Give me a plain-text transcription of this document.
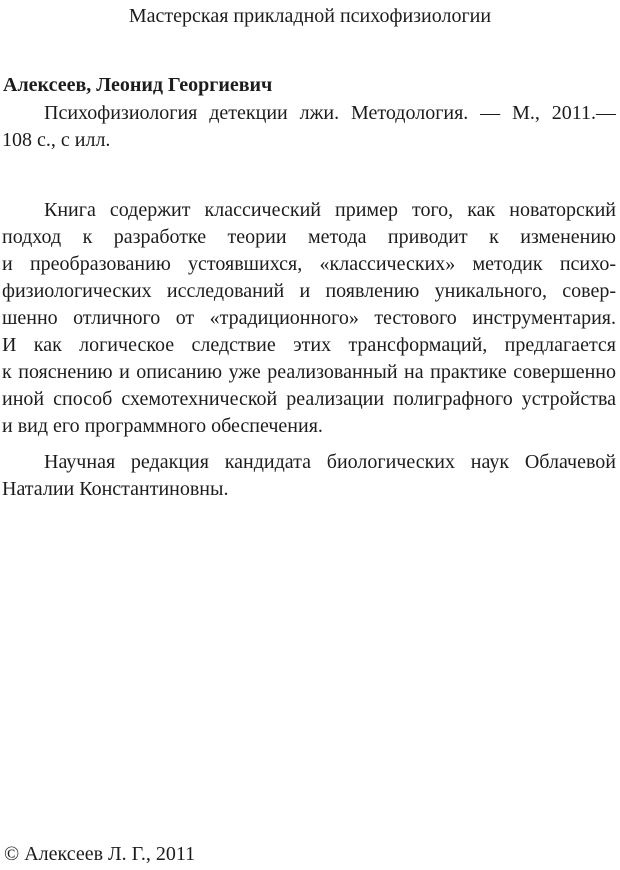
Мастерская прикладной психофизиологии
Алексеев, Леонид Георгиевич
Психофизиология детекции лжи. Методология. — М., 2011.—
108 с., с илл.
Книга содержит классический пример того, как новаторский
подход к разработке теории метода приводит к изменению
и преобразованию устоявшихся, «классических» методик психо-
физиологических исследований и появлению уникального, совер-
шенно отличного от «традиционного» тестового инструментария.
И как логическое следствие этих трансформаций, предлагается
к пояснению и описанию уже реализованный на практике совершенно
иной способ схемотехнической реализации полиграфного устройства
и вид его программного обеспечения.
Научная редакция кандидата биологических наук Облачевой
Наталии Константиновны.
© Алексеев Л. Г., 2011
